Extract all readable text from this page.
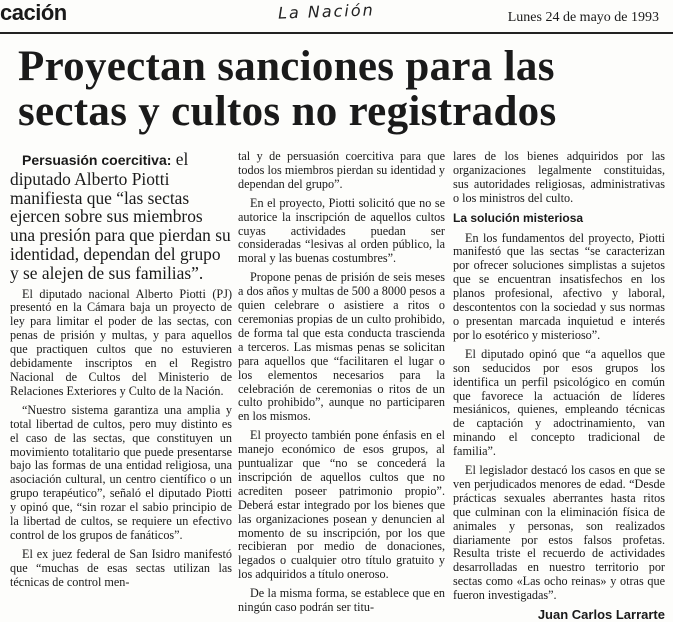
cación	La Nación	Lunes 24 de mayo de 1993
Proyectan sanciones para las
sectas y cultos no registrados

Persuasión coercitiva: el diputado Alberto Piotti manifiesta que “las sectas ejercen sobre sus miembros una presión para que pierdan su identidad, dependan del grupo y se alejen de sus familias”.

El diputado nacional Alberto Piotti (PJ) presentó en la Cámara baja un proyecto de ley para limitar el poder de las sectas, con penas de prisión y multas, y para aquellos que practiquen cultos que no estuvieren debidamente inscriptos en el Registro Nacional de Cultos del Ministerio de Relaciones Exteriores y Culto de la Nación.

“Nuestro sistema garantiza una amplia y total libertad de cultos, pero muy distinto es el caso de las sectas, que constituyen un movimiento totalitario que puede presentarse bajo las formas de una entidad religiosa, una asociación cultural, un centro científico o un grupo terapéutico”, señaló el diputado Piotti y opinó que, “sin rozar el sabio principio de la libertad de cultos, se requiere un efectivo control de los grupos de fanáticos”.

El ex juez federal de San Isidro manifestó que “muchas de esas sectas utilizan las técnicas de control men-

tal y de persuasión coercitiva para que todos los miembros pierdan su identidad y dependan del grupo”.

En el proyecto, Piotti solicitó que no se autorice la inscripción de aquellos cultos cuyas actividades puedan ser consideradas “lesivas al orden público, la moral y las buenas costumbres”.

Propone penas de prisión de seis meses a dos años y multas de 500 a 8000 pesos a quien celebrare o asistiere a ritos o ceremonias propias de un culto prohibido, de forma tal que esta conducta trascienda a terceros. Las mismas penas se solicitan para aquellos que “facilitaren el lugar o los elementos necesarios para la celebración de ceremonias o ritos de un culto prohibido”, aunque no participaren en los mismos.

El proyecto también pone énfasis en el manejo económico de esos grupos, al puntualizar que “no se concederá la inscripción de aquellos cultos que no acrediten poseer patrimonio propio”. Deberá estar integrado por los bienes que las organizaciones posean y denuncien al momento de su inscripción, por los que recibieran por medio de donaciones, legados o cualquier otro título gratuito y los adquiridos a título oneroso.

De la misma forma, se establece que en ningún caso podrán ser titu-

lares de los bienes adquiridos por las organizaciones legalmente constituidas, sus autoridades religiosas, administrativas o los ministros del culto.

La solución misteriosa

En los fundamentos del proyecto, Piotti manifestó que las sectas “se caracterizan por ofrecer soluciones simplistas a sujetos que se encuentran insatisfechos en los planos profesional, afectivo y laboral, descontentos con la sociedad y sus normas o presentan marcada inquietud e interés por lo esotérico y misterioso”.

El diputado opinó que “a aquellos que son seducidos por esos grupos los identifica un perfil psicológico en común que favorece la actuación de líderes mesiánicos, quienes, empleando técnicas de captación y adoctrinamiento, van minando el concepto tradicional de familia”.

El legislador destacó los casos en que se ven perjudicados menores de edad. “Desde prácticas sexuales aberrantes hasta ritos que culminan con la eliminación física de animales y personas, son realizados diariamente por estos falsos profetas. Resulta triste el recuerdo de actividades desarrolladas en nuestro territorio por sectas como «Las ocho reinas» y otras que fueron investigadas”.

Juan Carlos Larrarte
